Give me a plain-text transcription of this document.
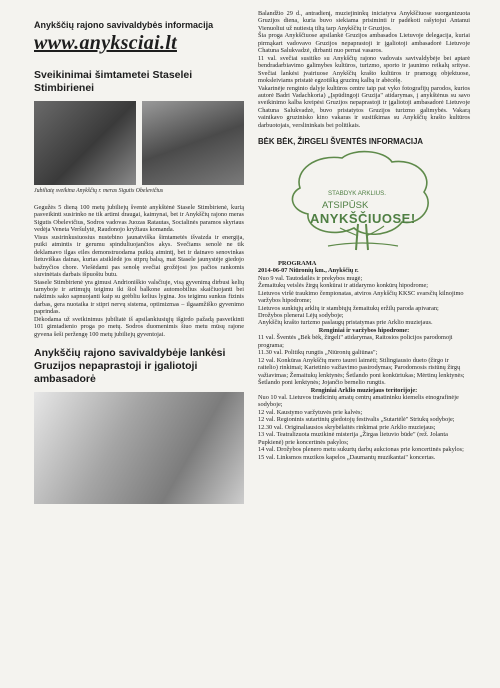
Anykščių rajono savivaldybės informacija

www.anyksciai.lt

Sveikinimai šimtametei Staselei Stimbirienei

Jubiliatę sveikina Anykščių r. meras Sigutis Obelevičius

Gegužės 5 dieną 100 metų jubiliejų šventė anykštėnė Stasele Stimbirienė, kurią pasveikinti susirinko ne tik artimi draugai, kaimynai, bet ir Anykščių rajono meras Sigutis Obelevičius, Sodros vadovas Juozas Ratautas, Socialinės paramos skyriaus vedėja Veneta Veršulytė, Raudonojo kryžiaus komanda.

Visus susirinkusiuosius nustebino jaunatviška šimtametės išvaizda ir energija, puiki atmintis ir gerumu spinduliuojančios akys. Svečiams senolė ne tik deklamavo ilgas eiles demonstruodama puikią atmintį, bet ir dainavo senovinkas lietuviškas dainas, kurias atsiklėdė jos stiprų balsą, mat Stasele jaunystėje giedojo bažnyčios chore. Viešėdami pas senolę svečiai grožėjosi jos pačios rankomis siuvinėtais darbais išpuoštu butu.

Stasele Stimbirienė yra gimusi Andrioniškio valsčiuje, visą gyvenimą dirbusi kelių tarnyboje ir artimųjų teigimu iki šiol balkone automobilius skaičiuojanti bei naktimis sako sapnuojanti kaip su grėbliu kelius lygina. Jos teigimu sunkus fizinis darbas, gera nuotaika ir stipri nervų sistema, optimizmas – ilgaamžiško gyvenimo paprindas.

Dėkodama už sveikinimus jubiliatė iš apsilankiusiųjų išgirdo pažadą pasveikinti 101 gimtadienio proga po metų. Sodros duomenimis šiuo metu mūsų rajone gyvena šeši peržengę 100 metų jubiliejų gyventojai.

Anykščių rajono savivaldybėje lankėsi Gruzijos nepaprastoji ir įgaliotoji ambasadorė

Balandžio 29 d., antradienį, muziejininkų iniciatyva Anykščiuose suorganizuota Gruzijos diena, kuria buvo siekiama prisiminti ir padėkoti rašytojui Antanui Vienuoliui už nutiestą tiltą tarp Anykščių ir Gruzijos.

Šia proga Anykščiuose apsilankė Gruzijos ambasados Lietuvoje delegacija, kuriai pirmąkart vadovavo Gruzijos nepaprastoji ir įgaliotoji ambasadorė Lietuvoje Chatuna Salukvadzė, dirbanti nuo pernai vasaros.

11 val. svečiai susitiko su Anykščių rajono vadovais savivaldybėje bei aptarė bendradarbiavimo galimybes kultūros, turizmo, sporto ir jaunimo reikalų srityse. Svečiai lankėsi įvairiuose Anykščių krašto kultūros ir pramogų objektuose, moksleiviams pristatė egzotišką gruzinų kalbą ir abėcėlę.

Vakarinėje renginio dalyje kultūros centre taip pat vyko fotografijų parodos, kurios autorė Badri Vadachkoria) „Įspūdingoji Gruzija" atidarymas, į anykštėnus su savo sveikinimo kalba kreipėsi Gruzijos nepaprastoji ir įgaliotoji ambasadorė Lietuvoje Chatuna Salukvadzė, buvo pristatytos Gruzijos turizmo galimybės. Vakarą vainikavo gruzinisko kino vakaras ir susitikimas su Anykščių krašto kultūros darbuotojais, verslininkais bei politikais.

BĖK BĖK, ŽIRGELI ŠVENTĖS INFORMACIJA

STABDYK ARKLIUS.
ATSIPŪSK
ANYKŠČIUOSE!

PROGRAMA

2014-06-07 Niūronių km., Anykščių r.

Nuo 9 val. Tautodailės ir prekybos mugė;

Žemaitukų veislės žirgų konkūrai ir atidarymo konkūrų hipodrome;

Lietuvos viršė traukimo čempionatas, atviros Anykščių KKSC svarsčių kilnojimo varžybos hipodrome;

Lietuvos sunkiųjų arklių ir stambiųjų žemaitukų eržilų paroda apivaran;

Drožybos plenerai Lėjų sodyboje;

Anykščių krašto turizmo paslaugų pristatymas prie Arklio muziejaus.

Renginiai ir varžybos hipodrome:

11 val. Šventės „Bėk bėk, žirgeli" atidarymas, Raitosios policijos parodomoji programa;

11.30 val. Politikų rungtis „Niūronių galiūnas";

12 val. Konkūras Anykščių mero taurei laimėti; Stilingiausio dueto (žirgo ir raitelio) rinkimai; Karietinio važiavimo pasirodymas; Parodomosis ristūnų žirgų važiavimas; Žemaitukų lenktynės; Šetlando poni konkūriukas; Mėrtinų lenktynės; Šetlando poni lenktynės; Jojančio bernelio rungtis.

Renginiai Arklio muziejaus teritorijoje:

Nuo 10 val. Lietuvos tradicinių amatų centrų amatininku kiemelis etnografinėje sodyboje;

12 val. Kaustymo varžytuvės prie kalvės;

12 val. Regioninis sutartinių giedotojų festivalis „Sutartėlė" Striukų sodyboje;

12.30 val. Originaliausios skrybėlaitės rinkimai prie Arklio muziejaus;

13 val. Teatralizuota muzikinė misterija „Žirgas lietuvio būde" (rež. Jolanta Pupkienė) prie koncertinės pakylos;

14 val. Drožybos plenero metu sukurtų darbų aukcionas prie koncertinės pakylos;

15 val. Linksmos muzikos kapelos „Daumantų muzikantai" koncertas.
